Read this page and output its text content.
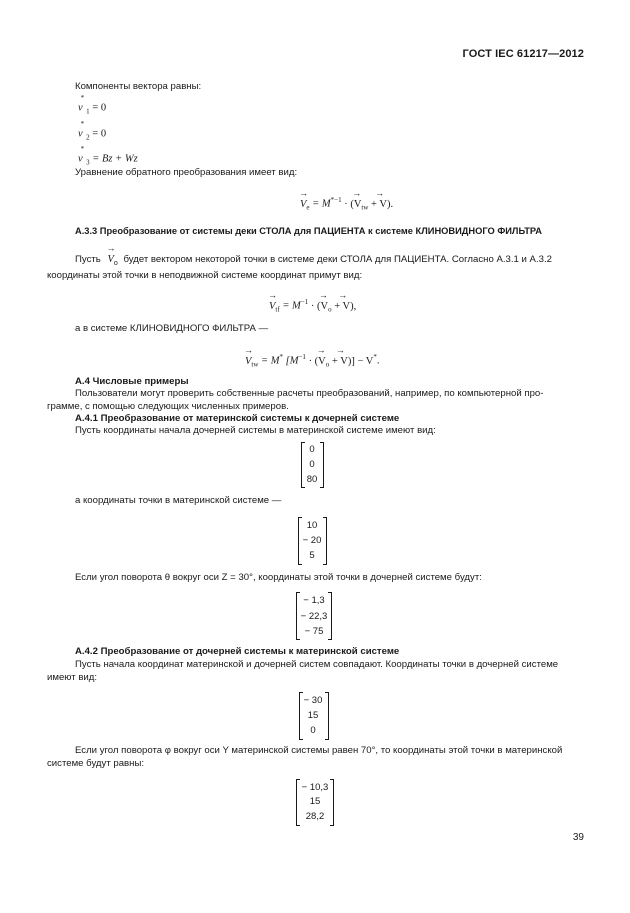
ГОСТ IEC 61217—2012
Компоненты вектора равны:
$v^*_1 = 0$
$v^*_2 = 0$
$v^*_3 = Bz + Wz$
Уравнение обратного преобразования имеет вид:
→
$V_e = M^{*-1}$
→
· ($V_{tw}$
→
+ V).
А.3.3 Преобразование от системы деки СТОЛА для ПАЦИЕНТА к системе КЛИНОВИДНОГО ФИЛЬТРА
Пусть
→
$V_o$ будет вектором некоторой точки в системе деки СТОЛА для ПАЦИЕНТА. Согласно А.3.1 и А.3.2
координаты этой точки в неподвижной системе координат примут вид:
→
$V_{tf} = M^{-1}$
→
· ($V_o$
→
+ V),
а в системе КЛИНОВИДНОГО ФИЛЬТРА —
→
$V_{tw} = M^*$ [$M^{-1}$
→
· ($V_o$
→
+ V)] − V*.
А.4 Числовые примеры
Пользователи могут проверить собственные расчеты преобразований, например, по компьютерной про-
грамме, с помощью следующих численных примеров.
А.4.1 Преобразование от материнской системы к дочерней системе
Пусть координаты начала дочерней системы в материнской системе имеют вид:
0
0
80
а координаты точки в материнской системе —
10
− 20
5
Если угол поворота θ вокруг оси Z = 30°, координаты этой точки в дочерней системе будут:
− 1,3
− 22,3
− 75
А.4.2 Преобразование от дочерней системы к материнской системе
Пусть начала координат материнской и дочерней систем совпадают. Координаты точки в дочерней системе
имеют вид:
− 30
15
0
Если угол поворота φ вокруг оси Y материнской системы равен 70°, то координаты этой точки в материнской
системе будут равны:
− 10,3
15
28,2
39
